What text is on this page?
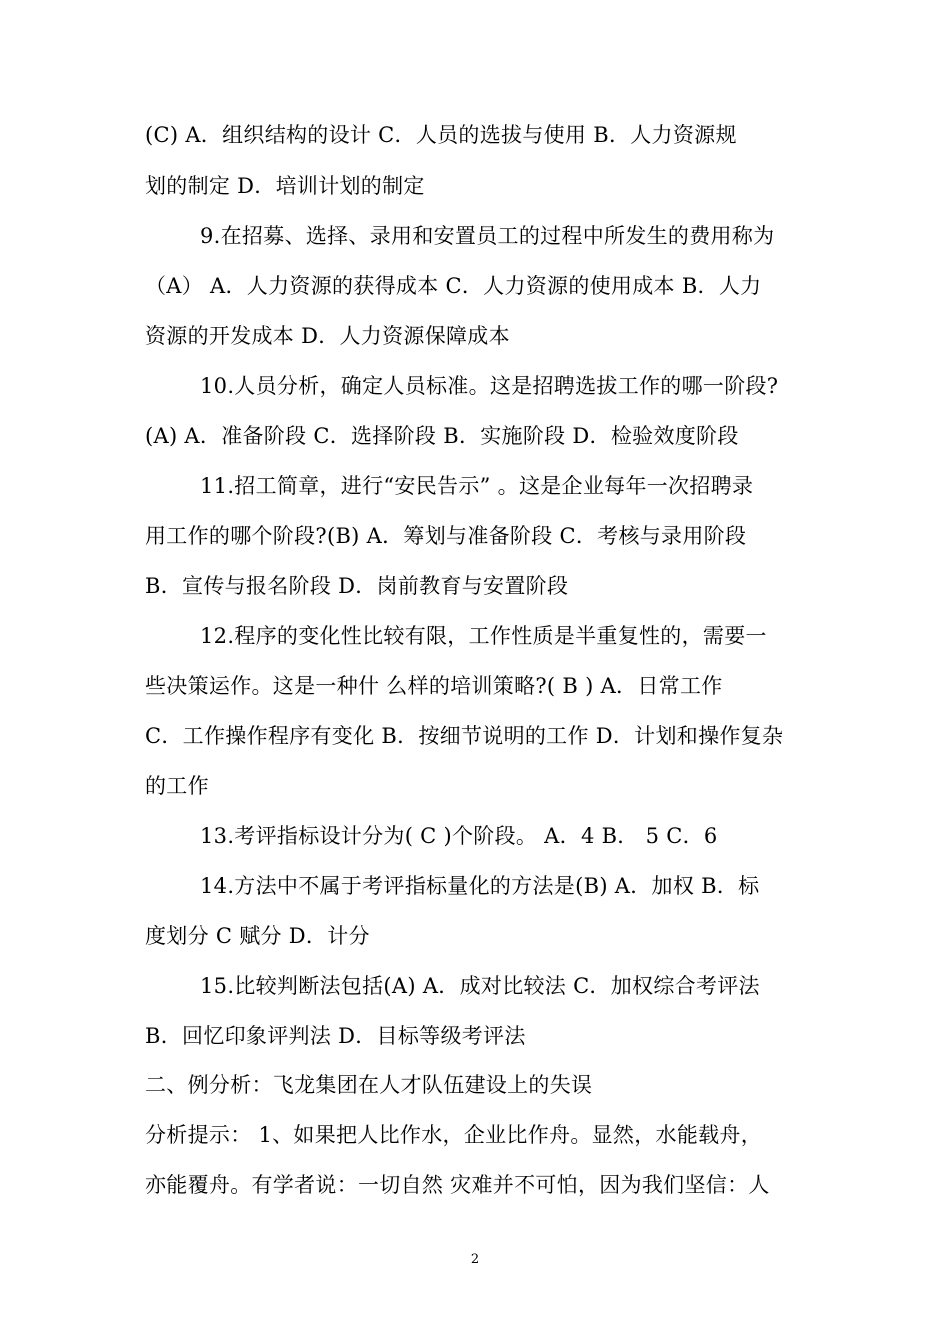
(C) A．组织结构的设计 C．人员的选拔与使用 B．人力资源规
划的制定 D．培训计划的制定
9.在招募、选择、录用和安置员工的过程中所发生的费用称为
（A） A．人力资源的获得成本 C．人力资源的使用成本 B．人力
资源的开发成本 D．人力资源保障成本
10.人员分析，确定人员标准。这是招聘选拔工作的哪一阶段?
(A) A．准备阶段 C．选择阶段 B．实施阶段 D．检验效度阶段
11.招工简章，进行“安民告示” 。这是企业每年一次招聘录
用工作的哪个阶段?(B) A．筹划与准备阶段 C．考核与录用阶段
B．宣传与报名阶段 D．岗前教育与安置阶段
12.程序的变化性比较有限，工作性质是半重复性的，需要一
些决策运作。这是一种什 么样的培训策略?( B ) A．日常工作
C．工作操作程序有变化 B．按细节说明的工作 D．计划和操作复杂
的工作
13.考评指标设计分为( C )个阶段。 A．4 B． 5 C．6
14.方法中不属于考评指标量化的方法是(B) A．加权 B．标
度划分 C 赋分 D．计分
15.比较判断法包括(A) A．成对比较法 C．加权综合考评法
B．回忆印象评判法 D．目标等级考评法
二、例分析：飞龙集团在人才队伍建设上的失误
分析提示： 1、如果把人比作水，企业比作舟。显然，水能载舟，
亦能覆舟。有学者说：一切自然 灾难并不可怕，因为我们坚信：人
2
